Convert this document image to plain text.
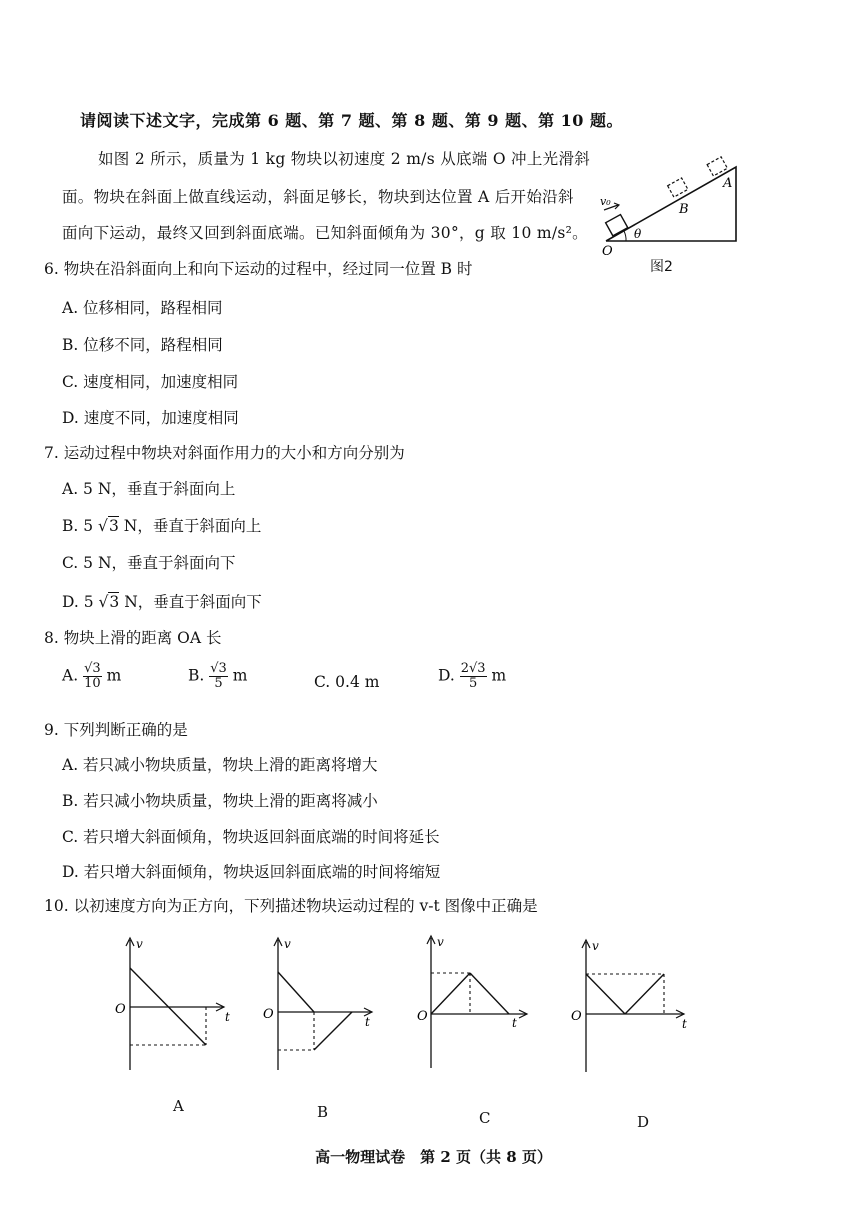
请阅读下述文字，完成第 6 题、第 7 题、第 8 题、第 9 题、第 10 题。
如图 2 所示，质量为 1 kg 物块以初速度 2 m/s 从底端 O 冲上光滑斜
面。物块在斜面上做直线运动，斜面足够长，物块到达位置 A 后开始沿斜
面向下运动，最终又回到斜面底端。已知斜面倾角为 30°，g 取 10 m/s²。
v₀
O
B
A
θ
图2
6. 物块在沿斜面向上和向下运动的过程中，经过同一位置 B 时
A. 位移相同，路程相同
B. 位移不同，路程相同
C. 速度相同，加速度相同
D. 速度不同，加速度相同
7. 运动过程中物块对斜面作用力的大小和方向分别为
A. 5 N，垂直于斜面向上
B. 5 √3 N，垂直于斜面向上
C. 5 N，垂直于斜面向下
D. 5 √3 N，垂直于斜面向下
8. 物块上滑的距离 OA 长
A. $\frac{√3}{10}$ m	B. $\frac{√3}{5}$ m	C. 0.4 m	D. $\frac{2√3}{5}$ m
9. 下列判断正确的是
A. 若只减小物块质量，物块上滑的距离将增大
B. 若只减小物块质量，物块上滑的距离将减小
C. 若只增大斜面倾角，物块返回斜面底端的时间将延长
D. 若只增大斜面倾角，物块返回斜面底端的时间将缩短
10. 以初速度方向为正方向，下列描述物块运动过程的 v-t 图像中正确是
v
t
O
A
v
t
O
B
v
t
O
C
v
t
O
D
高一物理试卷　第 2 页（共 8 页）
